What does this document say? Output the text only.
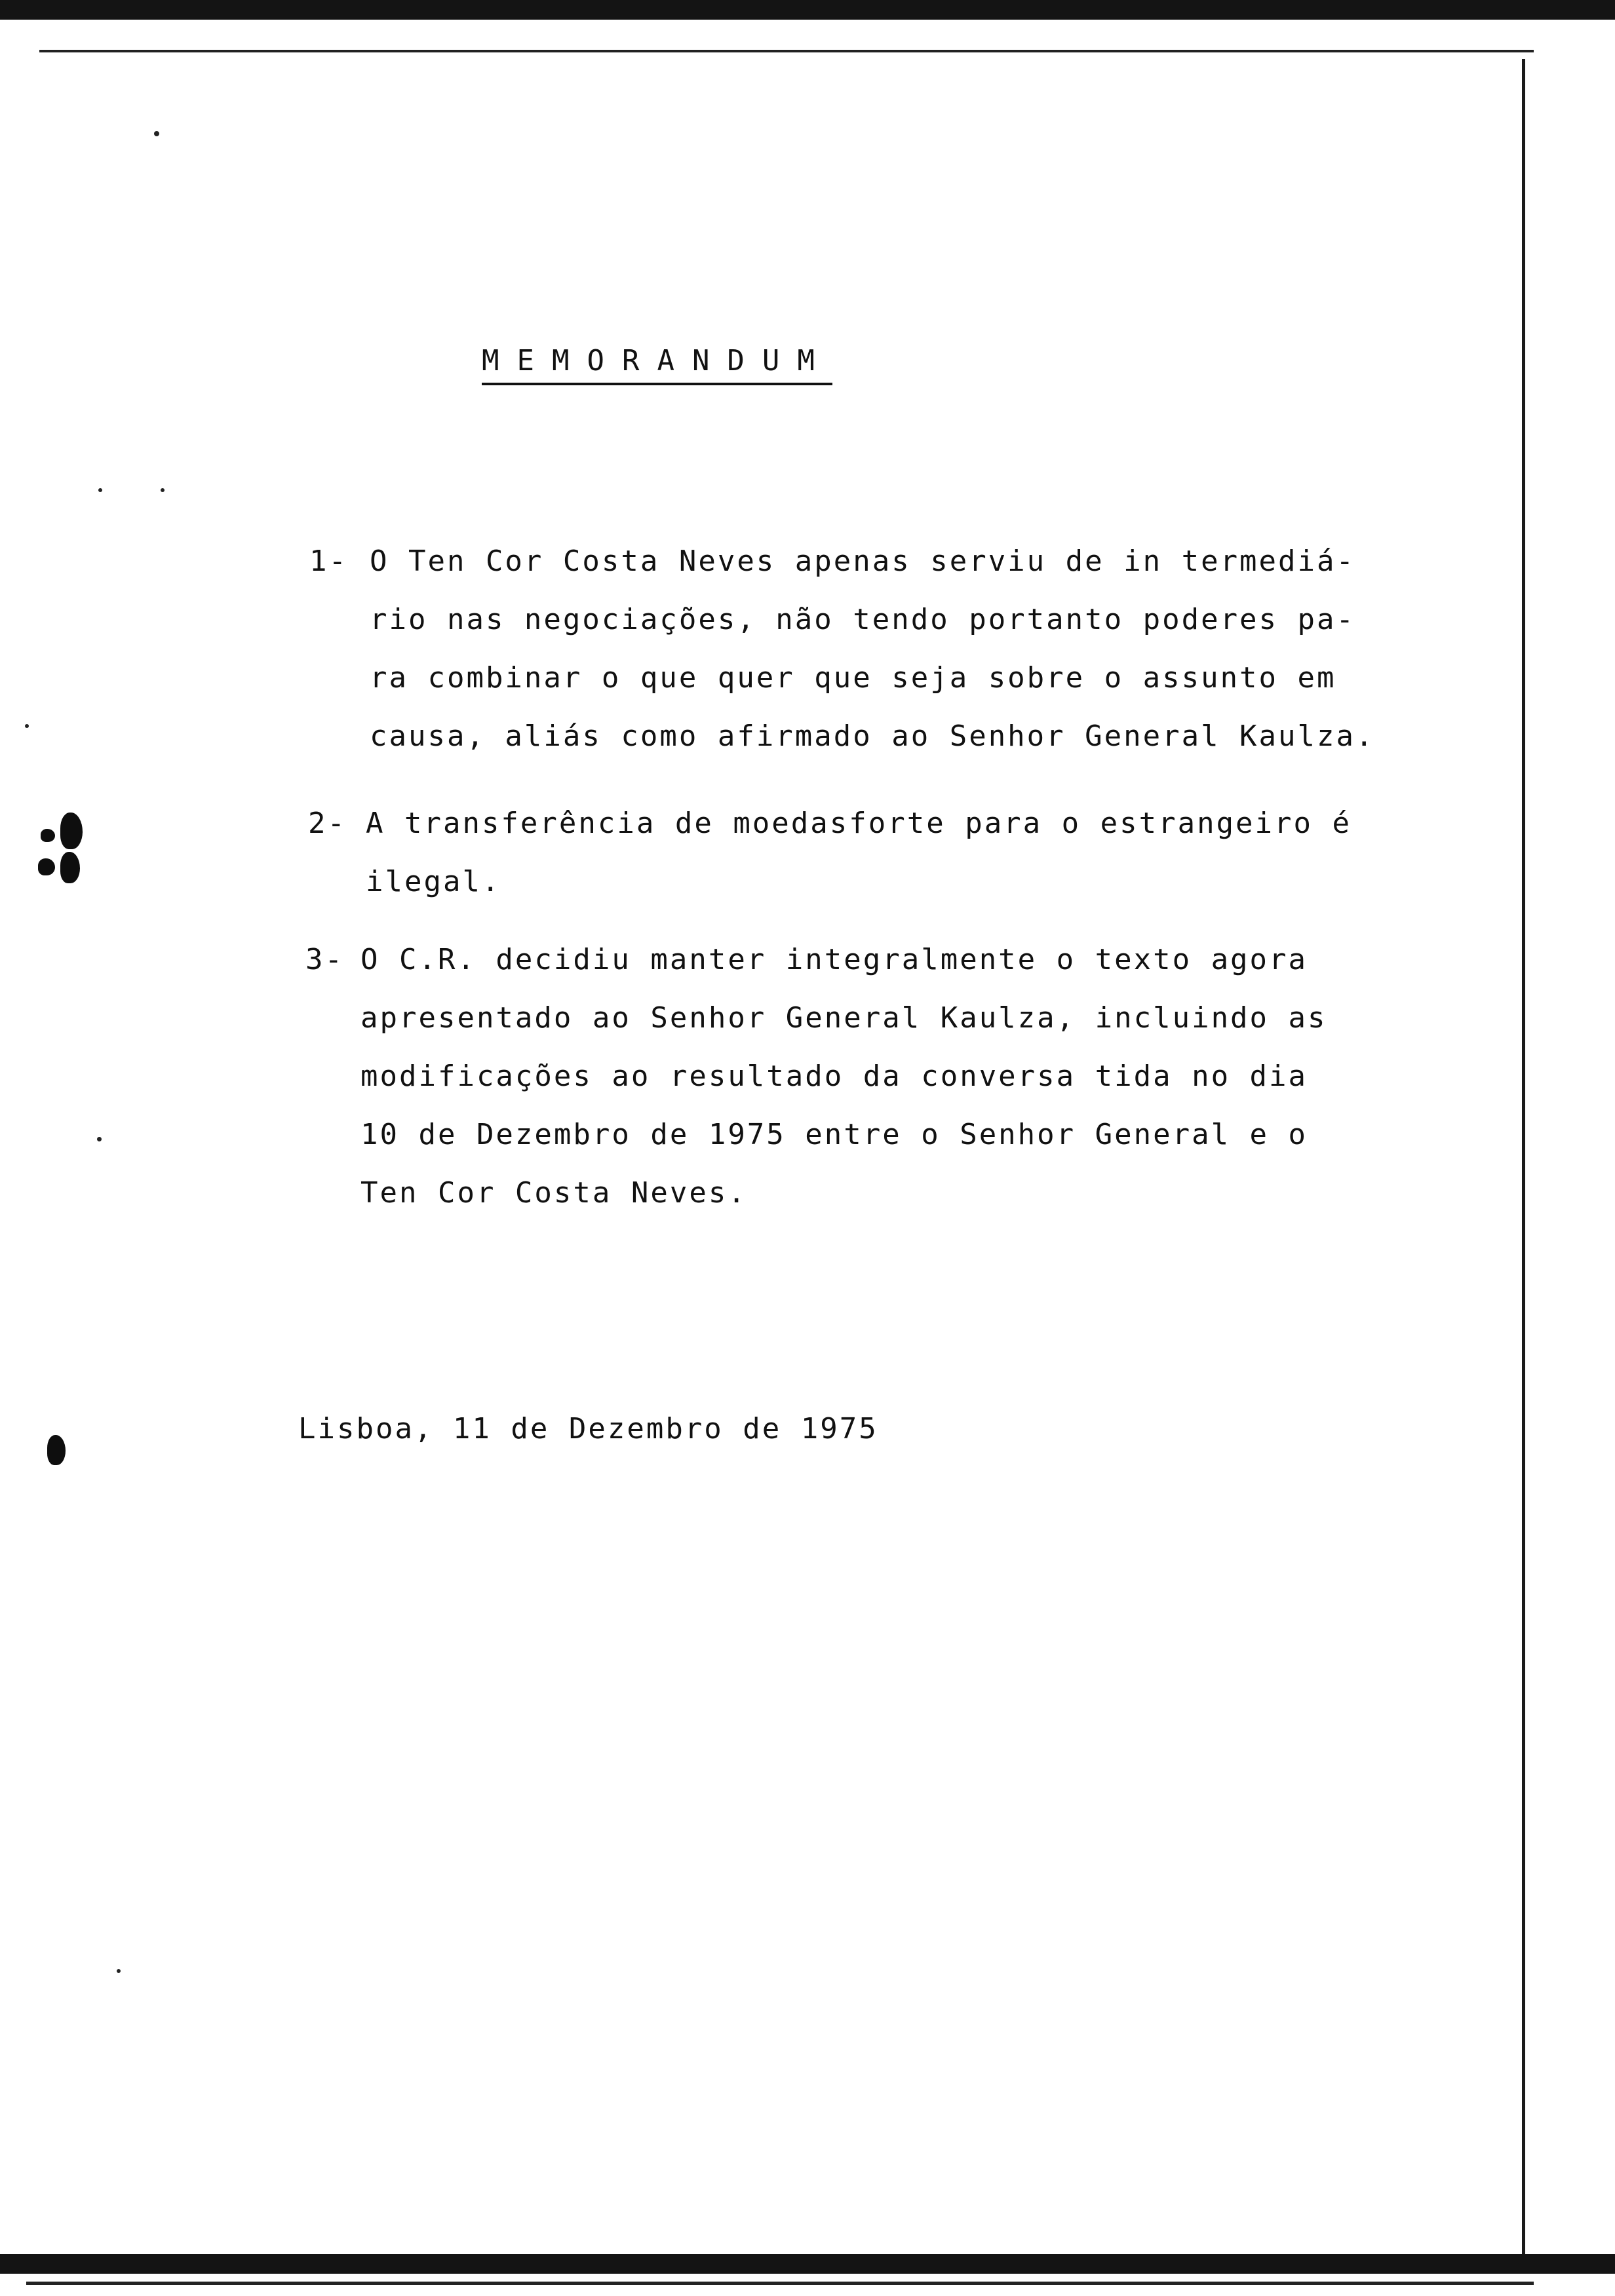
MEMORANDUM
1- O Ten Cor Costa Neves apenas serviu de in termediá-
rio nas negociações, não tendo portanto poderes pa-
ra combinar o que quer que seja sobre o assunto em
causa, aliás como afirmado ao Senhor General Kaulza.
2- A transferência de moedasforte para o estrangeiro é
ilegal.
3- O C.R. decidiu manter integralmente o texto agora
apresentado ao Senhor General Kaulza, incluindo as
modificações ao resultado da conversa tida no dia
10 de Dezembro de 1975 entre o Senhor General e o
Ten Cor Costa Neves.
Lisboa, 11 de Dezembro de 1975
